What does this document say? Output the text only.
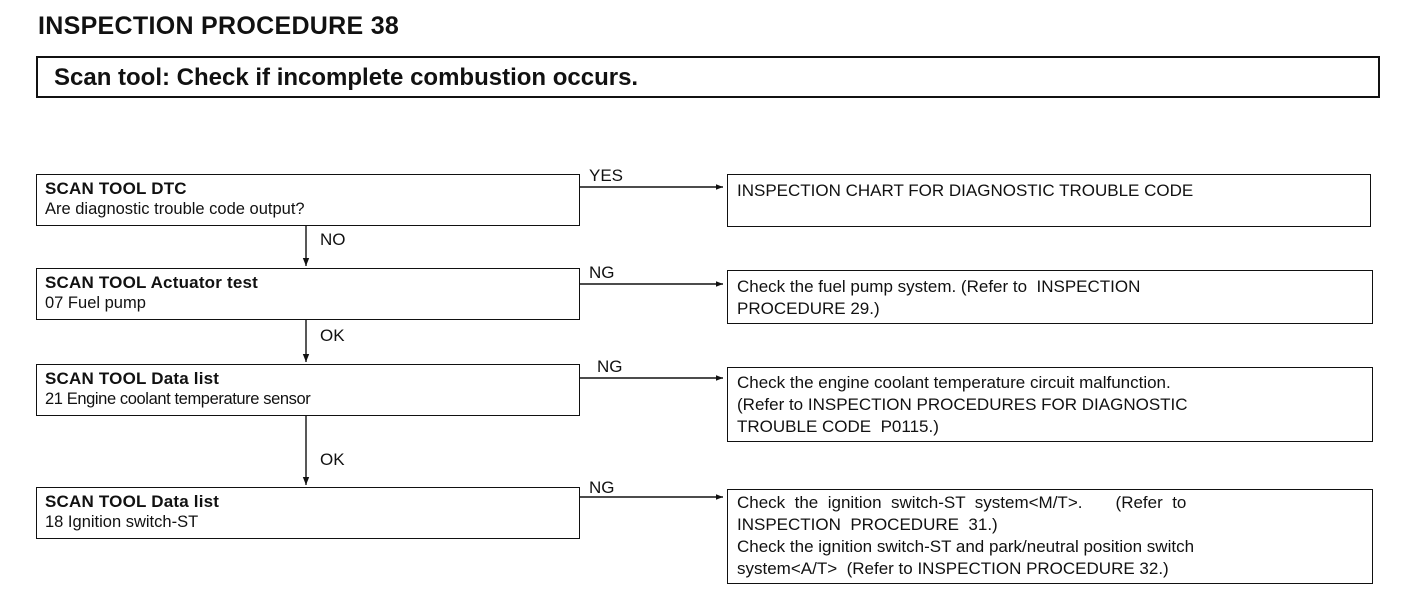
INSPECTION PROCEDURE 38
Scan tool: Check if incomplete combustion occurs.
SCAN TOOL DTC
Are diagnostic trouble code output?
SCAN TOOL Actuator test
07 Fuel pump
SCAN TOOL Data list
21 Engine coolant temperature sensor
SCAN TOOL Data list
18 Ignition switch-ST
YES
NG
NG
NG
NO
OK
OK
INSPECTION CHART FOR DIAGNOSTIC TROUBLE CODE
Check the fuel pump system. (Refer to  INSPECTION
PROCEDURE 29.)
Check the engine coolant temperature circuit malfunction.
(Refer to INSPECTION PROCEDURES FOR DIAGNOSTIC
TROUBLE CODE  P0115.)
Check  the  ignition  switch-ST  system<M/T>.       (Refer  to
INSPECTION  PROCEDURE  31.)
Check the ignition switch-ST and park/neutral position switch
system<A/T>  (Refer to INSPECTION PROCEDURE 32.)
